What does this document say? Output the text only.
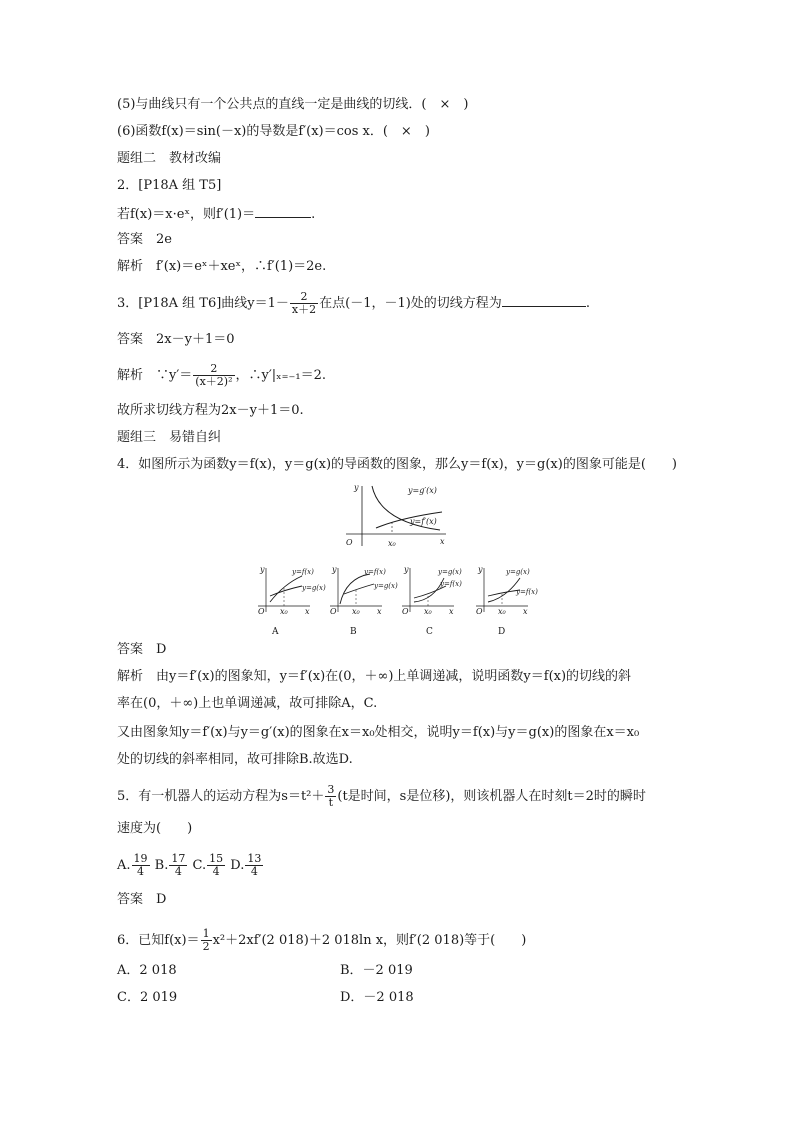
(5)与曲线只有一个公共点的直线一定是曲线的切线．(　×　)
(6)函数f(x)＝sin(－x)的导数是f′(x)＝cos x．(　×　)
题组二　教材改编
2．[P18A 组 T5]
若f(x)＝x·eˣ，则f′(1)＝	.
答案　2e
解析　f′(x)＝eˣ＋xeˣ，∴f′(1)＝2e.
3．[P18A 组 T6]曲线$y=1- \frac{2}{x+2}$ 在点(－1，－1)处的切线方程为	.
答案　2x－y＋1＝0
解析　∵y′＝ $\frac{2}{\text{(x＋2)²}}$ ，∴y′|ₓ₌₋₁＝2.
故所求切线方程为2x－y＋1＝0.
题组三　易错自纠
4．如图所示为函数y＝f(x)，y＝g(x)的导函数的图象，那么y＝f(x)，y＝g(x)的图象可能是(　　)
y
x
O	x₀
y=g′(x)
y=f′(x)
y
x
O x₀
y=f(x)
y=g(x)
A
y
x
O x₀
y=f(x)
y=g(x)
B
y
x
O x₀
y=g(x)
y=f(x)
C
y
x
O x₀
y=g(x)
y=f(x)
D
答案　D
解析　由y＝f′(x)的图象知，y＝f′(x)在(0，＋∞)上单调递减，说明函数y＝f(x)的切线的斜
率在(0，＋∞)上也单调递减，故可排除A，C.
又由图象知y＝f′(x)与y＝g′(x)的图象在x＝x₀处相交，说明y＝f(x)与y＝g(x)的图象在x＝x₀
处的切线的斜率相同，故可排除B.故选D.
5．有一机器人的运动方程为$s=t^2+ \frac{3}{t} (t$是时间，s是位移)，则该机器人在时刻t＝2时的瞬时
速度为(　　)
A. $\frac{19}{4} B$. $\frac{17}{4} C$. $\frac{15}{4} D$. $\frac{13}{4}$
答案　D
6．已知$f(x)= \frac{1}{2} x^2+2xf'(2$ 018)＋2 018ln x，则f′(2 018)等于(　　)
A．2 018	B．－2 019
C．2 019	D．－2 018
